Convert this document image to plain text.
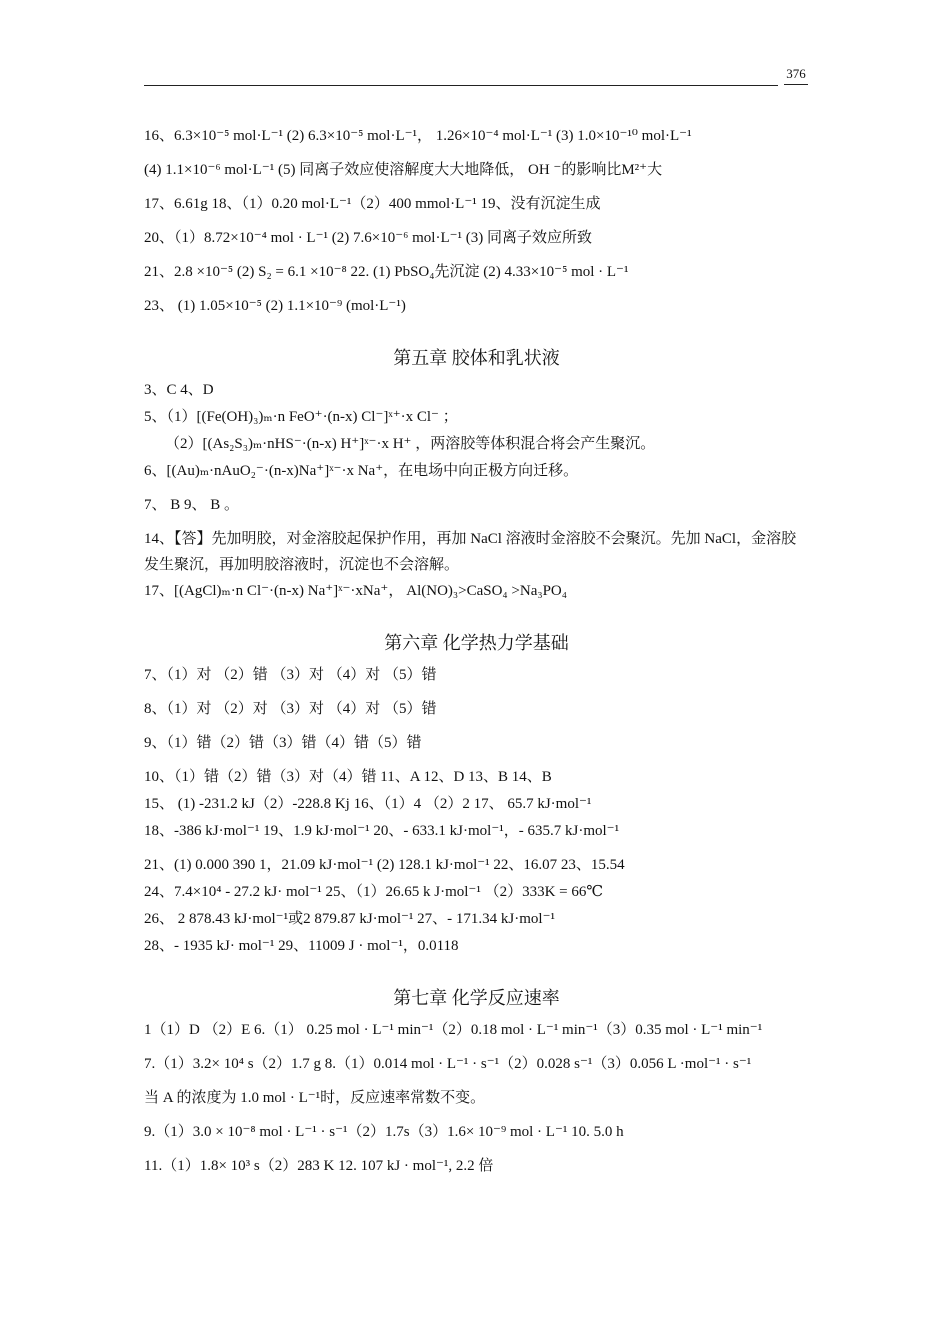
376
16、6.3×10⁻⁵ mol·L⁻¹ (2) 6.3×10⁻⁵ mol·L⁻¹， 1.26×10⁻⁴ mol·L⁻¹ (3) 1.0×10⁻¹⁰ mol·L⁻¹
(4) 1.1×10⁻⁶ mol·L⁻¹ (5) 同离子效应使溶解度大大地降低， OH ⁻的影响比M²⁺大
17、6.61g 18、（1）0.20 mol·L⁻¹（2）400 mmol·L⁻¹ 19、没有沉淀生成
20、（1）8.72×10⁻⁴ mol · L⁻¹ (2) 7.6×10⁻⁶ mol·L⁻¹ (3) 同离子效应所致
21、2.8 ×10⁻⁵ (2) S₂ = 6.1 ×10⁻⁸ 22. (1) PbSO₄先沉淀 (2) 4.33×10⁻⁵ mol · L⁻¹
23、 (1) 1.05×10⁻⁵ (2) 1.1×10⁻⁹ (mol·L⁻¹)
第五章 胶体和乳状液
3、C 4、D
5、（1）[(Fe(OH)₃)ₘ·n FeO⁺·(n-x) Cl⁻]ˣ⁺·x Cl⁻ ；
（2）[(As₂S₃)ₘ·nHS⁻·(n-x) H⁺]ˣ⁻·x H⁺ ，两溶胶等体积混合将会产生聚沉。
6、[(Au)ₘ·nAuO₂⁻·(n-x)Na⁺]ˣ⁻·x Na⁺，在电场中向正极方向迁移。
7、 B 9、 B 。
14、【答】先加明胶，对金溶胶起保护作用，再加 NaCl 溶液时金溶胶不会聚沉。先加 NaCl，金溶胶发生聚沉，再加明胶溶液时，沉淀也不会溶解。
17、[(AgCl)ₘ·n Cl⁻·(n-x) Na⁺]ˣ⁻·xNa⁺， Al(NO)₃>CaSO₄ >Na₃PO₄
第六章 化学热力学基础
7、（1）对 （2）错 （3）对 （4）对 （5）错
8、（1）对 （2）对 （3）对 （4）对 （5）错
9、（1）错（2）错（3）错（4）错（5）错
10、（1）错（2）错（3）对（4）错 11、A 12、D 13、B 14、B
15、 (1) -231.2 kJ（2）-228.8 Kj 16、（1）4 （2）2 17、 65.7 kJ·mol⁻¹
18、-386 kJ·mol⁻¹ 19、1.9 kJ·mol⁻¹ 20、- 633.1 kJ·mol⁻¹，- 635.7 kJ·mol⁻¹
21、(1) 0.000 390 1，21.09 kJ·mol⁻¹ (2) 128.1 kJ·mol⁻¹ 22、16.07 23、15.54
24、7.4×10⁴ - 27.2 kJ· mol⁻¹ 25、（1）26.65 k J·mol⁻¹ （2）333K = 66℃
26、 2 878.43 kJ·mol⁻¹或2 879.87 kJ·mol⁻¹ 27、- 171.34 kJ·mol⁻¹
28、- 1935 kJ· mol⁻¹ 29、11009 J · mol⁻¹，0.0118
第七章 化学反应速率
1（1）D （2）E 6.（1） 0.25 mol · L⁻¹ min⁻¹（2）0.18 mol · L⁻¹ min⁻¹（3）0.35 mol · L⁻¹ min⁻¹
7.（1）3.2× 10⁴ s（2）1.7 g 8.（1）0.014 mol · L⁻¹ · s⁻¹（2）0.028 s⁻¹（3）0.056 L ·mol⁻¹ · s⁻¹
当 A 的浓度为 1.0 mol · L⁻¹时，反应速率常数不变。
9.（1）3.0 × 10⁻⁸ mol · L⁻¹ · s⁻¹（2）1.7s（3）1.6× 10⁻⁹ mol · L⁻¹ 10. 5.0 h
11.（1）1.8× 10³ s（2）283 K 12. 107 kJ · mol⁻¹, 2.2 倍
